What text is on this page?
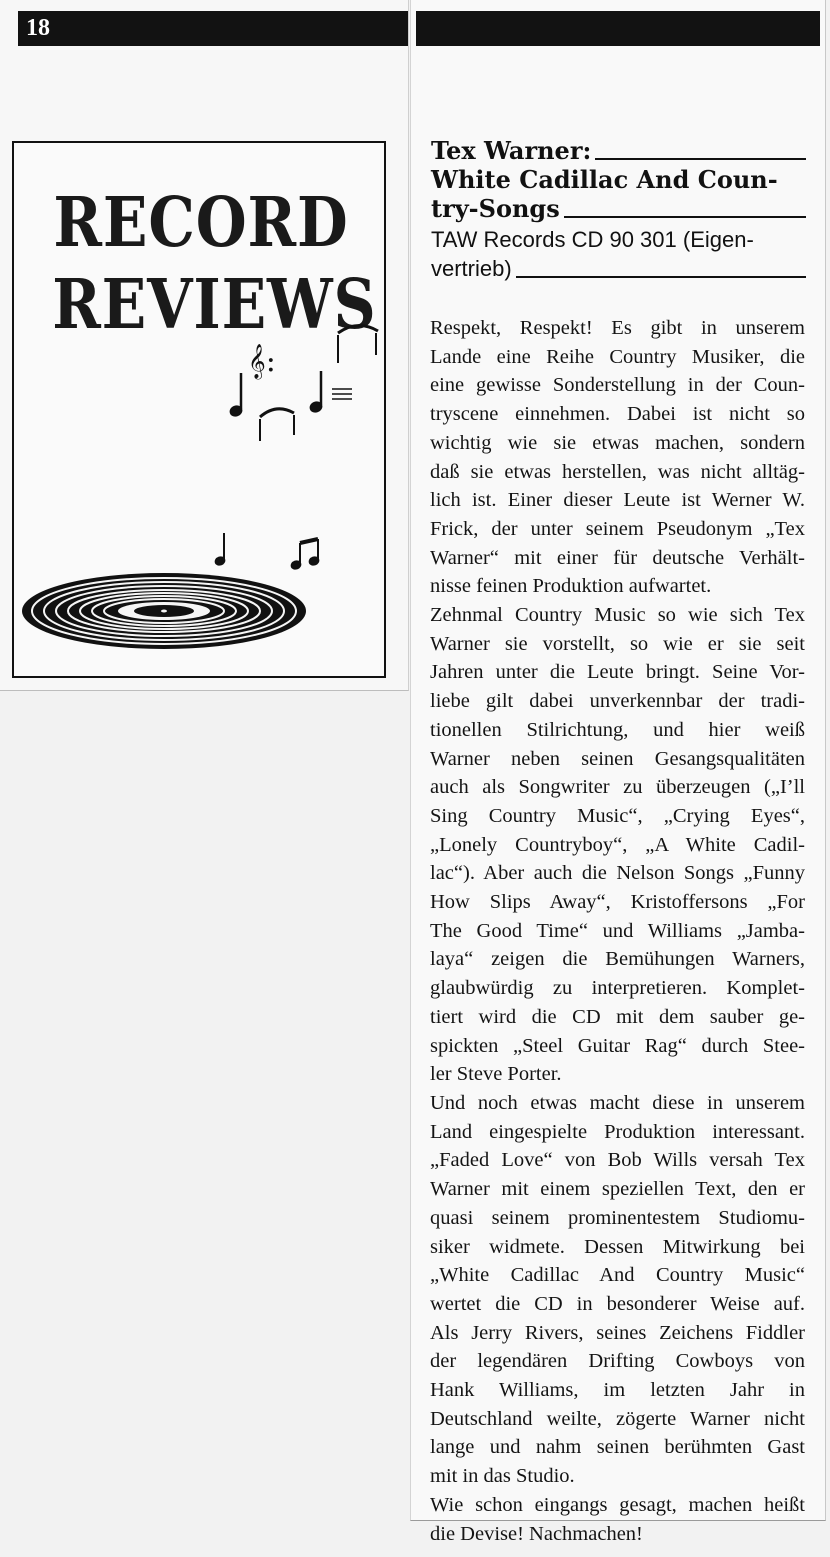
18
RECORD
REVIEWS
𝄞:
Tex Warner:
White Cadillac And Coun-
try-Songs
TAW Records CD 90 301 (Eigen-
vertrieb)
Respekt, Respekt! Es gibt in unserem
Lande eine Reihe Country Musiker, die
eine gewisse Sonderstellung in der Coun-
tryscene einnehmen. Dabei ist nicht so
wichtig wie sie etwas machen, sondern
daß sie etwas herstellen, was nicht alltäg-
lich ist. Einer dieser Leute ist Werner W.
Frick, der unter seinem Pseudonym „Tex
Warner“ mit einer für deutsche Verhält-
nisse feinen Produktion aufwartet.
Zehnmal Country Music so wie sich Tex
Warner sie vorstellt, so wie er sie seit
Jahren unter die Leute bringt. Seine Vor-
liebe gilt dabei unverkennbar der tradi-
tionellen Stilrichtung, und hier weiß
Warner neben seinen Gesangsqualitäten
auch als Songwriter zu überzeugen („I’ll
Sing Country Music“, „Crying Eyes“,
„Lonely Countryboy“, „A White Cadil-
lac“). Aber auch die Nelson Songs „Funny
How Slips Away“, Kristoffersons „For
The Good Time“ und Williams „Jamba-
laya“ zeigen die Bemühungen Warners,
glaubwürdig zu interpretieren. Komplet-
tiert wird die CD mit dem sauber ge-
spickten „Steel Guitar Rag“ durch Stee-
ler Steve Porter.
Und noch etwas macht diese in unserem
Land eingespielte Produktion interessant.
„Faded Love“ von Bob Wills versah Tex
Warner mit einem speziellen Text, den er
quasi seinem prominentestem Studiomu-
siker widmete. Dessen Mitwirkung bei
„White Cadillac And Country Music“
wertet die CD in besonderer Weise auf.
Als Jerry Rivers, seines Zeichens Fiddler
der legendären Drifting Cowboys von
Hank Williams, im letzten Jahr in
Deutschland weilte, zögerte Warner nicht
lange und nahm seinen berühmten Gast
mit in das Studio.
Wie schon eingangs gesagt, machen heißt
die Devise! Nachmachen!
